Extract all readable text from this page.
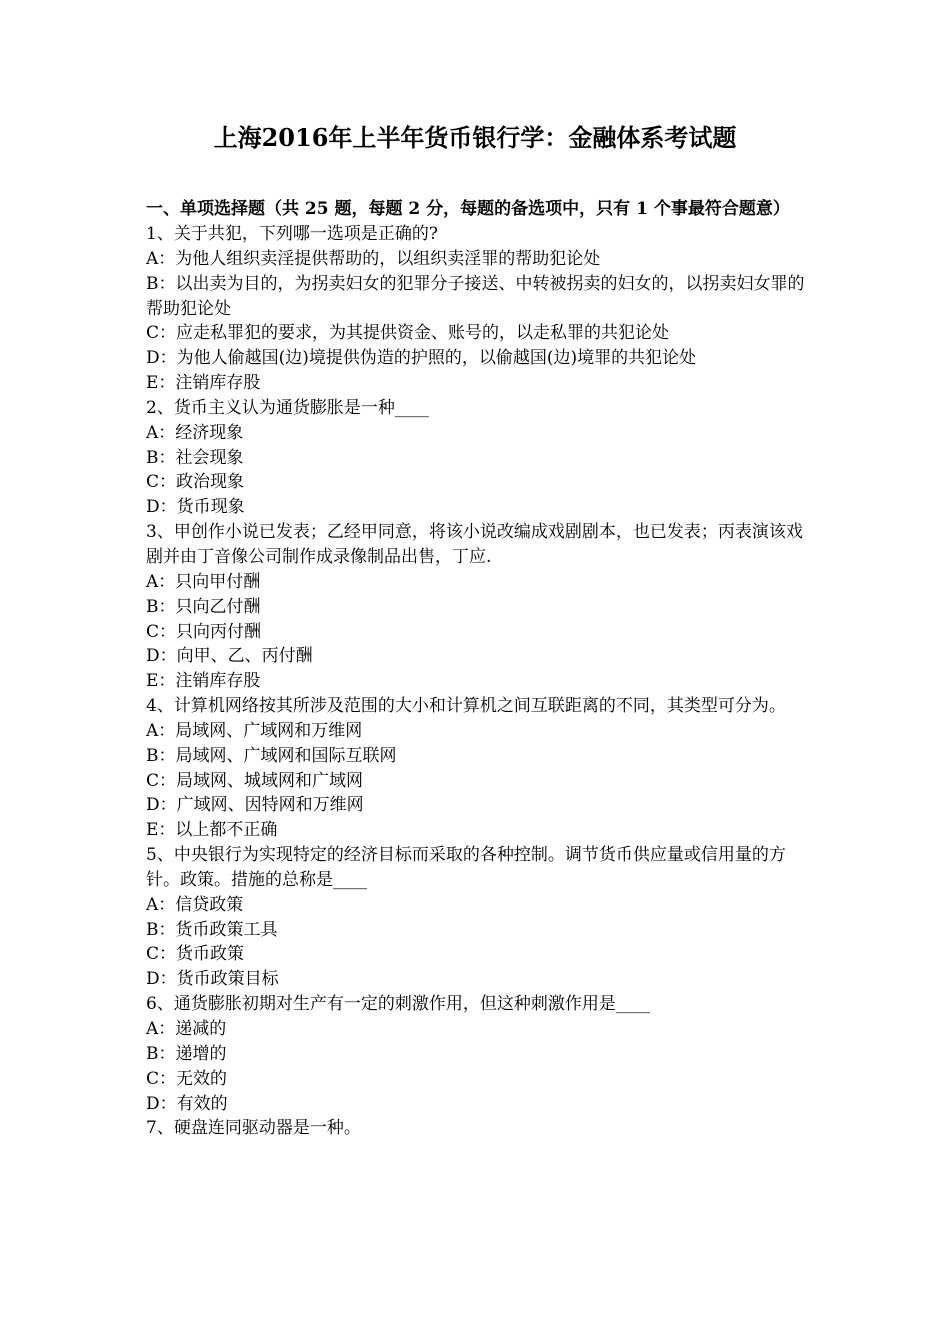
上海2016年上半年货币银行学：金融体系考试题

一、单项选择题（共 25 题，每题 2 分，每题的备选项中，只有 1 个事最符合题意）

1、关于共犯，下列哪一选项是正确的?

A：为他人组织卖淫提供帮助的，以组织卖淫罪的帮助犯论处

B：以出卖为目的，为拐卖妇女的犯罪分子接送、中转被拐卖的妇女的，以拐卖妇女罪的帮助犯论处

C：应走私罪犯的要求，为其提供资金、账号的，以走私罪的共犯论处

D：为他人偷越国(边)境提供伪造的护照的，以偷越国(边)境罪的共犯论处

E：注销库存股

2、货币主义认为通货膨胀是一种____

A：经济现象

B：社会现象

C：政治现象

D：货币现象

3、甲创作小说已发表；乙经甲同意，将该小说改编成戏剧剧本，也已发表；丙表演该戏剧并由丁音像公司制作成录像制品出售，丁应.

A：只向甲付酬

B：只向乙付酬

C：只向丙付酬

D：向甲、乙、丙付酬

E：注销库存股

4、计算机网络按其所涉及范围的大小和计算机之间互联距离的不同，其类型可分为。

A：局域网、广域网和万维网

B：局域网、广域网和国际互联网

C：局域网、城域网和广域网

D：广域网、因特网和万维网

E：以上都不正确

5、中央银行为实现特定的经济目标而采取的各种控制。调节货币供应量或信用量的方针。政策。措施的总称是____

A：信贷政策

B：货币政策工具

C：货币政策

D：货币政策目标

6、通货膨胀初期对生产有一定的刺激作用，但这种刺激作用是____

A：递减的

B：递增的

C：无效的

D：有效的

7、硬盘连同驱动器是一种。
